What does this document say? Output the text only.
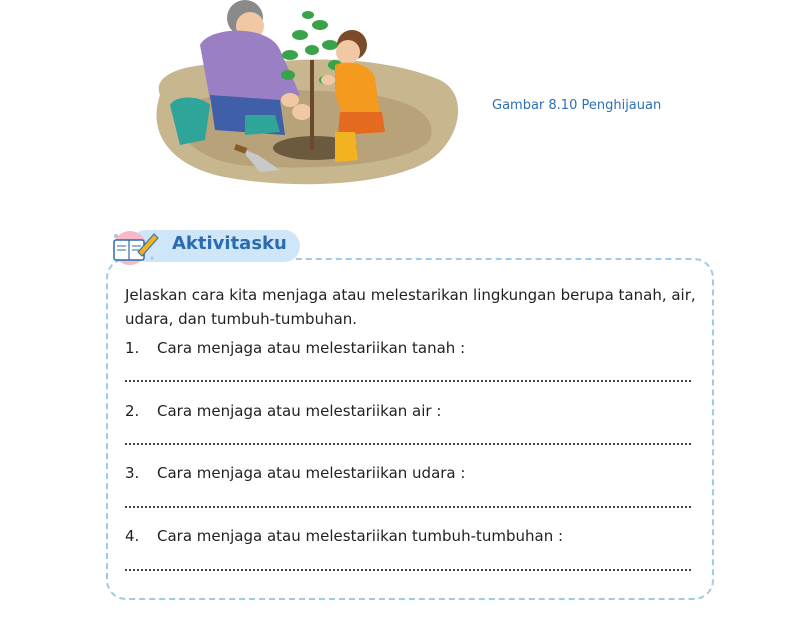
Gambar 8.10 Penghijauan
Aktivitasku
Jelaskan cara kita menjaga atau melestarikan lingkungan berupa tanah, air, udara, dan tumbuh-tumbuhan.
1. Cara menjaga atau melestariikan tanah :
2. Cara menjaga atau melestariikan air :
3. Cara menjaga atau melestariikan udara :
4. Cara menjaga atau melestariikan tumbuh-tumbuhan :
